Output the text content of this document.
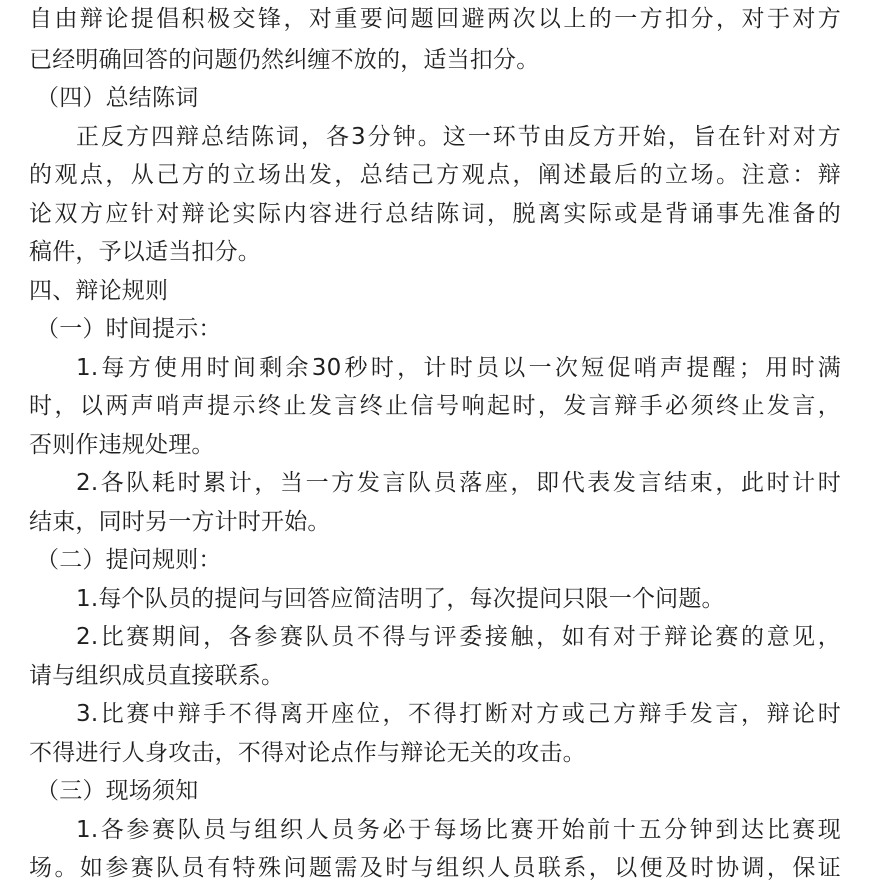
自由辩论提倡积极交锋，对重要问题回避两次以上的一方扣分，对于对方
已经明确回答的问题仍然纠缠不放的，适当扣分。
（四）总结陈词
正反方四辩总结陈词，各3分钟。这一环节由反方开始，旨在针对对方
的观点，从己方的立场出发，总结己方观点，阐述最后的立场。注意：辩
论双方应针对辩论实际内容进行总结陈词，脱离实际或是背诵事先准备的
稿件，予以适当扣分。
四、辩论规则
（一）时间提示：
1.每方使用时间剩余30秒时，计时员以一次短促哨声提醒；用时满
时，以两声哨声提示终止发言终止信号响起时，发言辩手必须终止发言，
否则作违规处理。
2.各队耗时累计，当一方发言队员落座，即代表发言结束，此时计时
结束，同时另一方计时开始。
（二）提问规则：
1.每个队员的提问与回答应简洁明了，每次提问只限一个问题。
2.比赛期间，各参赛队员不得与评委接触，如有对于辩论赛的意见，
请与组织成员直接联系。
3.比赛中辩手不得离开座位，不得打断对方或己方辩手发言，辩论时
不得进行人身攻击，不得对论点作与辩论无关的攻击。
（三）现场须知
1.各参赛队员与组织人员务必于每场比赛开始前十五分钟到达比赛现
场。如参赛队员有特殊问题需及时与组织人员联系，以便及时协调，保证
